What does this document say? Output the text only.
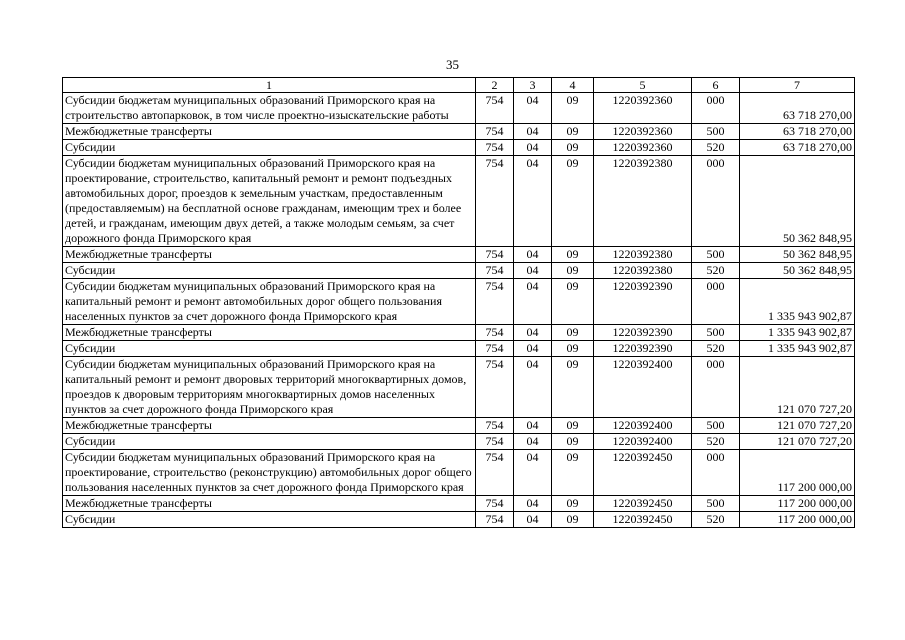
35
1	2	3	4	5	6	7
Субсидии бюджетам муниципальных образований Приморского края на строительство автопарковок, в том числе проектно-изыскательские работы	754	04	09	1220392360	000	63 718 270,00
Межбюджетные трансферты	754	04	09	1220392360	500	63 718 270,00
Субсидии	754	04	09	1220392360	520	63 718 270,00
Субсидии бюджетам муниципальных образований Приморского края на проектирование, строительство, капитальный ремонт и ремонт подъездных автомобильных дорог, проездов к земельным участкам, предоставленным (предоставляемым) на бесплатной основе гражданам, имеющим трех и более детей, и гражданам, имеющим двух детей, а также молодым семьям, за счет дорожного фонда Приморского края	754	04	09	1220392380	000	50 362 848,95
Межбюджетные трансферты	754	04	09	1220392380	500	50 362 848,95
Субсидии	754	04	09	1220392380	520	50 362 848,95
Субсидии бюджетам муниципальных образований Приморского края на капитальный ремонт и ремонт автомобильных дорог общего пользования населенных пунктов за счет дорожного фонда Приморского края	754	04	09	1220392390	000	1 335 943 902,87
Межбюджетные трансферты	754	04	09	1220392390	500	1 335 943 902,87
Субсидии	754	04	09	1220392390	520	1 335 943 902,87
Субсидии бюджетам муниципальных образований Приморского края на капитальный ремонт и ремонт дворовых территорий многоквартирных домов, проездов к дворовым территориям многоквартирных домов населенных пунктов за счет дорожного фонда Приморского края	754	04	09	1220392400	000	121 070 727,20
Межбюджетные трансферты	754	04	09	1220392400	500	121 070 727,20
Субсидии	754	04	09	1220392400	520	121 070 727,20
Субсидии бюджетам муниципальных образований Приморского края на проектирование, строительство (реконструкцию) автомобильных дорог общего пользования населенных пунктов за счет дорожного фонда Приморского края	754	04	09	1220392450	000	117 200 000,00
Межбюджетные трансферты	754	04	09	1220392450	500	117 200 000,00
Субсидии	754	04	09	1220392450	520	117 200 000,00
